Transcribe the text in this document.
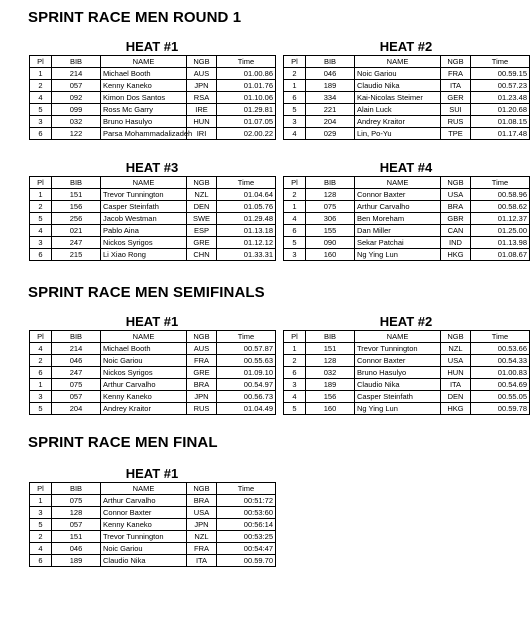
SPRINT RACE MEN ROUND 1
SPRINT RACE MEN SEMIFINALS
SPRINT RACE MEN FINAL
HEAT #1
Pl	BIB	NAME	NGB	Time
1	214	Michael Booth	AUS	01.00.86
2	057	Kenny Kaneko	JPN	01.01.76
4	092	Kimon Dos Santos	RSA	01.10.06
5	099	Ross Mc Garry	IRE	01.29.81
3	032	Bruno Hasulyo	HUN	01.07.05
6	122	Parsa Mohammadalizadeh	IRI	02.00.22
HEAT #2
Pl	BIB	NAME	NGB	Time
2	046	Noic Gariou	FRA	00.59.15
1	189	Claudio Nika	ITA	00.57.23
6	334	Kai-Nicolas Steimer	GER	01.23.48
5	221	Alain Luck	SUI	01.20.68
3	204	Andrey Kraitor	RUS	01.08.15
4	029	Lin, Po-Yu	TPE	01.17.48
HEAT #3
Pl	BIB	NAME	NGB	Time
1	151	Trevor Tunnington	NZL	01.04.64
2	156	Casper Steinfath	DEN	01.05.76
5	256	Jacob Westman	SWE	01.29.48
4	021	Pablo Aina	ESP	01.13.18
3	247	Nickos Syrigos	GRE	01.12.12
6	215	Li Xiao Rong	CHN	01.33.31
HEAT #4
Pl	BIB	NAME	NGB	Time
2	128	Connor Baxter	USA	00.58.96
1	075	Arthur Carvalho	BRA	00.58.62
4	306	Ben Moreham	GBR	01.12.37
6	155	Dan Miller	CAN	01.25.00
5	090	Sekar Patchai	IND	01.13.98
3	160	Ng Ying Lun	HKG	01.08.67
HEAT #1
Pl	BIB	NAME	NGB	Time
4	214	Michael Booth	AUS	00.57.87
2	046	Noic Gariou	FRA	00.55.63
6	247	Nickos Syrigos	GRE	01.09.10
1	075	Arthur Carvalho	BRA	00.54.97
3	057	Kenny Kaneko	JPN	00.56.73
5	204	Andrey Kraitor	RUS	01.04.49
HEAT #2
Pl	BIB	NAME	NGB	Time
1	151	Trevor Tunnington	NZL	00.53.66
2	128	Connor Baxter	USA	00.54.33
6	032	Bruno Hasulyo	HUN	01.00.83
3	189	Claudio Nika	ITA	00.54.69
4	156	Casper Steinfath	DEN	00.55.05
5	160	Ng Ying Lun	HKG	00.59.78
HEAT #1
Pl	BIB	NAME	NGB	Time
1	075	Arthur Carvalho	BRA	00:51:72
3	128	Connor Baxter	USA	00:53:60
5	057	Kenny Kaneko	JPN	00:56:14
2	151	Trevor Tunnington	NZL	00:53:25
4	046	Noic Gariou	FRA	00:54:47
6	189	Claudio Nika	ITA	00.59.70
